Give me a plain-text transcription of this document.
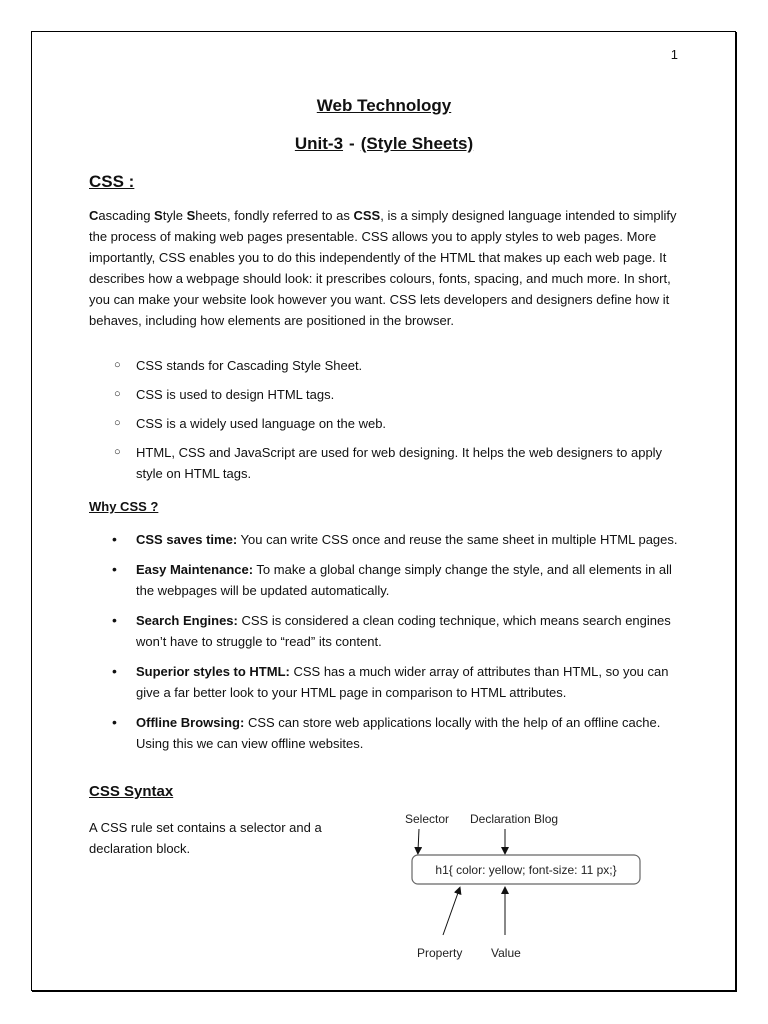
1
Web Technology
Unit-3 - (Style Sheets)
CSS :
Cascading Style Sheets, fondly referred to as CSS, is a simply designed language intended to simplify the process of making web pages presentable. CSS allows you to apply styles to web pages. More importantly, CSS enables you to do this independently of the HTML that makes up each web page. It describes how a webpage should look: it prescribes colours, fonts, spacing, and much more. In short, you can make your website look however you want. CSS lets developers and designers define how it behaves, including how elements are positioned in the browser.
○ CSS stands for Cascading Style Sheet.
○ CSS is used to design HTML tags.
○ CSS is a widely used language on the web.
○ HTML, CSS and JavaScript are used for web designing. It helps the web designers to apply style on HTML tags.
Why CSS ?
• CSS saves time: You can write CSS once and reuse the same sheet in multiple HTML pages.
• Easy Maintenance: To make a global change simply change the style, and all elements in all the webpages will be updated automatically.
• Search Engines: CSS is considered a clean coding technique, which means search engines won’t have to struggle to “read” its content.
• Superior styles to HTML: CSS has a much wider array of attributes than HTML, so you can give a far better look to your HTML page in comparison to HTML attributes.
• Offline Browsing: CSS can store web applications locally with the help of an offline cache. Using this we can view offline websites.
CSS Syntax
A CSS rule set contains a selector and a declaration block.
Selector Declaration Blog
h1{ color: yellow; font-size: 11 px;}
Property Value
